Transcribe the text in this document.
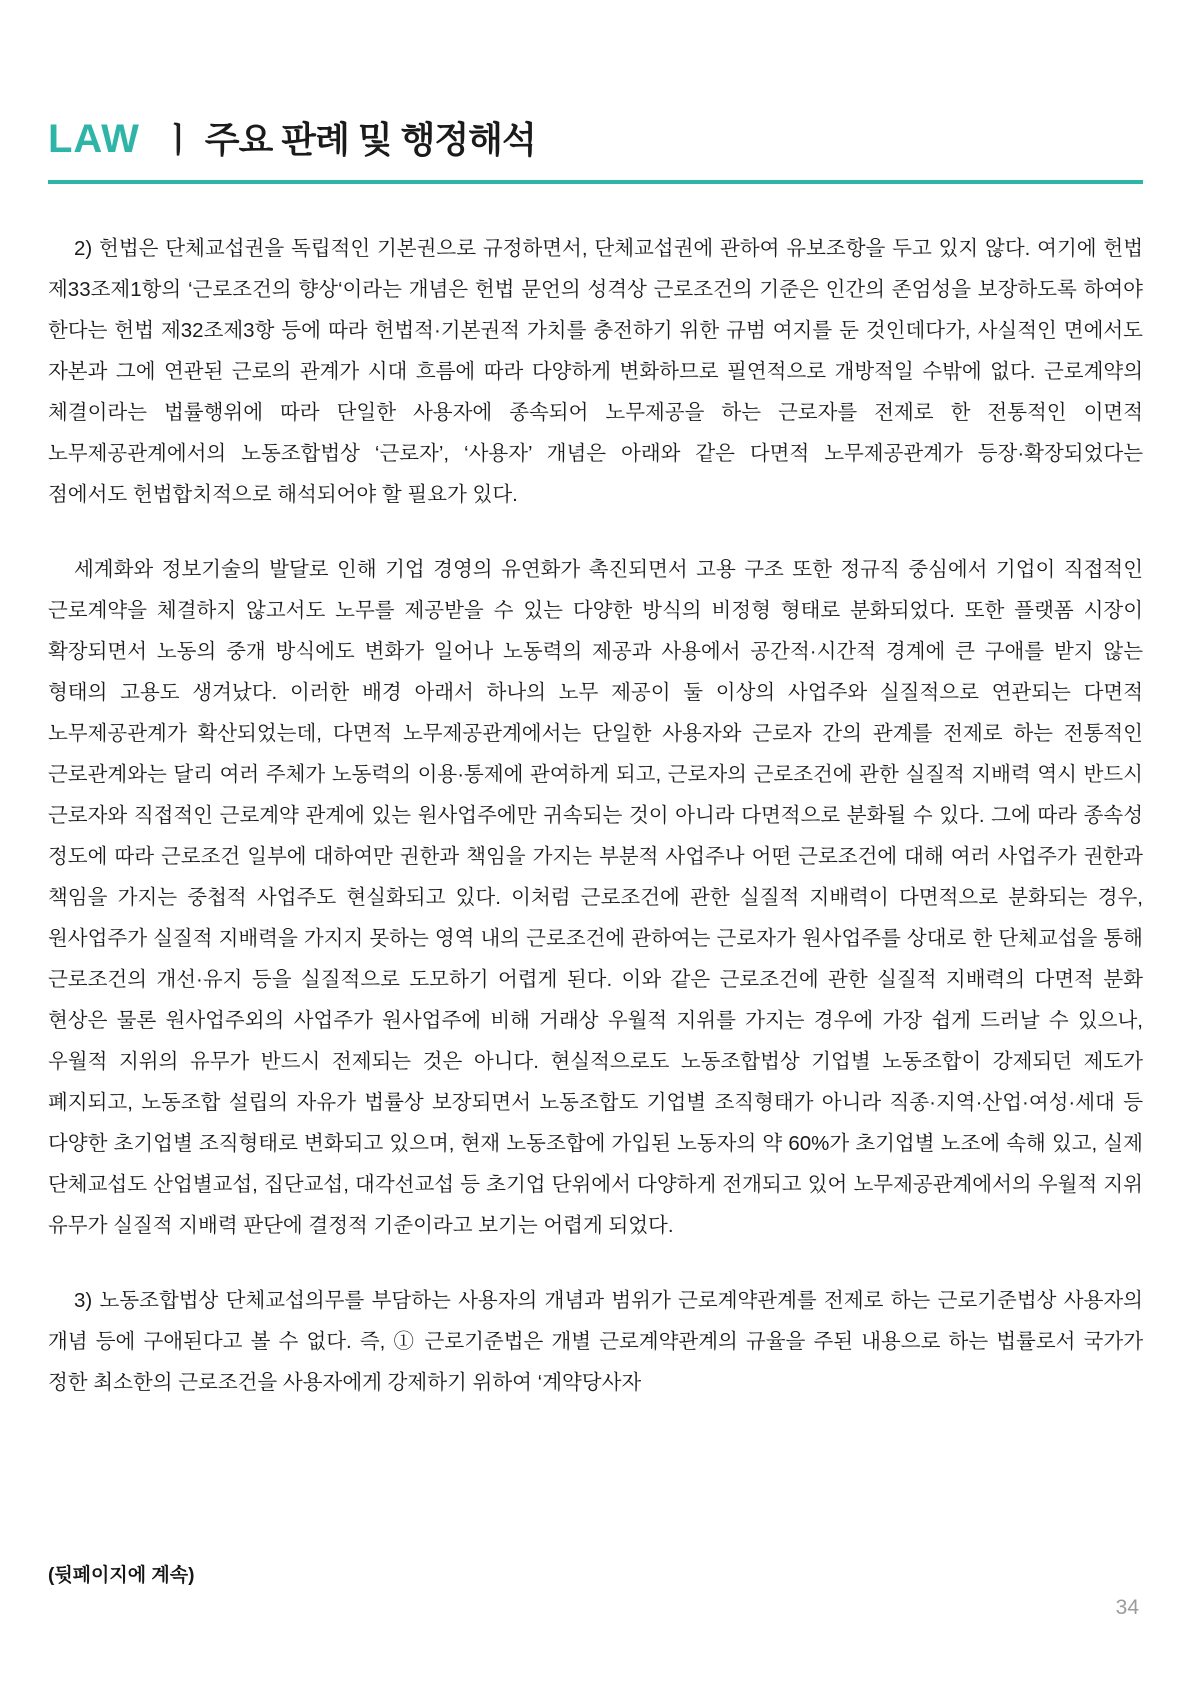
LAW ㅣ 주요 판례 및 행정해석

2) 헌법은 단체교섭권을 독립적인 기본권으로 규정하면서, 단체교섭권에 관하여 유보조항을 두고 있지 않다. 여기에 헌법 제33조제1항의 ‘근로조건의 향상‘이라는 개념은 헌법 문언의 성격상 근로조건의 기준은 인간의 존엄성을 보장하도록 하여야 한다는 헌법 제32조제3항 등에 따라 헌법적·기본권적 가치를 충전하기 위한 규범 여지를 둔 것인데다가, 사실적인 면에서도 자본과 그에 연관된 근로의 관계가 시대 흐름에 따라 다양하게 변화하므로 필연적으로 개방적일 수밖에 없다. 근로계약의 체결이라는 법률행위에 따라 단일한 사용자에 종속되어 노무제공을 하는 근로자를 전제로 한 전통적인 이면적 노무제공관계에서의 노동조합법상 ‘근로자’, ‘사용자’ 개념은 아래와 같은 다면적 노무제공관계가 등장·확장되었다는 점에서도 헌법합치적으로 해석되어야 할 필요가 있다.

세계화와 정보기술의 발달로 인해 기업 경영의 유연화가 촉진되면서 고용 구조 또한 정규직 중심에서 기업이 직접적인 근로계약을 체결하지 않고서도 노무를 제공받을 수 있는 다양한 방식의 비정형 형태로 분화되었다. 또한 플랫폼 시장이 확장되면서 노동의 중개 방식에도 변화가 일어나 노동력의 제공과 사용에서 공간적·시간적 경계에 큰 구애를 받지 않는 형태의 고용도 생겨났다. 이러한 배경 아래서 하나의 노무 제공이 둘 이상의 사업주와 실질적으로 연관되는 다면적 노무제공관계가 확산되었는데, 다면적 노무제공관계에서는 단일한 사용자와 근로자 간의 관계를 전제로 하는 전통적인 근로관계와는 달리 여러 주체가 노동력의 이용·통제에 관여하게 되고, 근로자의 근로조건에 관한 실질적 지배력 역시 반드시 근로자와 직접적인 근로계약 관계에 있는 원사업주에만 귀속되는 것이 아니라 다면적으로 분화될 수 있다. 그에 따라 종속성 정도에 따라 근로조건 일부에 대하여만 권한과 책임을 가지는 부분적 사업주나 어떤 근로조건에 대해 여러 사업주가 권한과 책임을 가지는 중첩적 사업주도 현실화되고 있다. 이처럼 근로조건에 관한 실질적 지배력이 다면적으로 분화되는 경우, 원사업주가 실질적 지배력을 가지지 못하는 영역 내의 근로조건에 관하여는 근로자가 원사업주를 상대로 한 단체교섭을 통해 근로조건의 개선·유지 등을 실질적으로 도모하기 어렵게 된다. 이와 같은 근로조건에 관한 실질적 지배력의 다면적 분화 현상은 물론 원사업주외의 사업주가 원사업주에 비해 거래상 우월적 지위를 가지는 경우에 가장 쉽게 드러날 수 있으나, 우월적 지위의 유무가 반드시 전제되는 것은 아니다. 현실적으로도 노동조합법상 기업별 노동조합이 강제되던 제도가 폐지되고, 노동조합 설립의 자유가 법률상 보장되면서 노동조합도 기업별 조직형태가 아니라 직종·지역·산업·여성·세대 등 다양한 초기업별 조직형태로 변화되고 있으며, 현재 노동조합에 가입된 노동자의 약 60%가 초기업별 노조에 속해 있고, 실제 단체교섭도 산업별교섭, 집단교섭, 대각선교섭 등 초기업 단위에서 다양하게 전개되고 있어 노무제공관계에서의 우월적 지위 유무가 실질적 지배력 판단에 결정적 기준이라고 보기는 어렵게 되었다.

3) 노동조합법상 단체교섭의무를 부담하는 사용자의 개념과 범위가 근로계약관계를 전제로 하는 근로기준법상 사용자의 개념 등에 구애된다고 볼 수 없다. 즉, ① 근로기준법은 개별 근로계약관계의 규율을 주된 내용으로 하는 법률로서 국가가 정한 최소한의 근로조건을 사용자에게 강제하기 위하여 ‘계약당사자

(뒷페이지에 계속)
34
